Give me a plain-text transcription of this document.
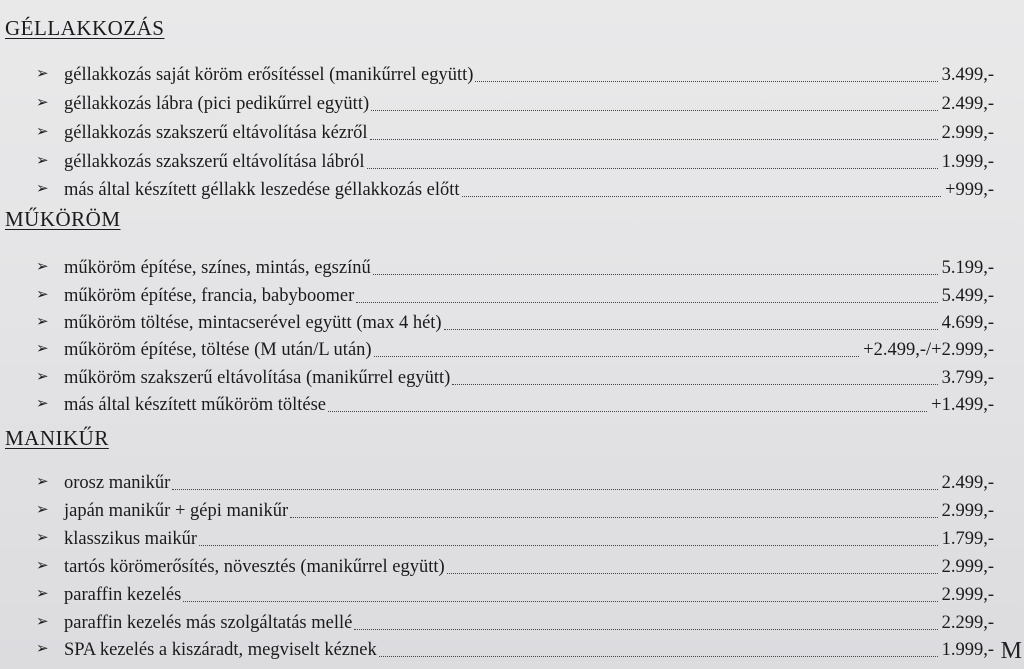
GÉLLAKKOZÁS
➢ géllakkozás saját köröm erősítéssel (manikűrrel együtt)	3.499,-
➢ géllakkozás lábra (pici pedikűrrel együtt)	2.499,-
➢ géllakkozás szakszerű eltávolítása kézről	2.999,-
➢ géllakkozás szakszerű eltávolítása lábról	1.999,-
➢ más által készített géllakk leszedése géllakkozás előtt	+999,-
MŰKÖRÖM
➢ műköröm építése, színes, mintás, egszínű	5.199,-
➢ műköröm építése, francia, babyboomer	5.499,-
➢ műköröm töltése, mintacserével együtt (max 4 hét)	4.699,-
➢ műköröm építése, töltése (M után/L után)	+2.499,-/+2.999,-
➢ műköröm szakszerű eltávolítása (manikűrrel együtt)	3.799,-
➢ más által készített műköröm töltése	+1.499,-
MANIKŰR
➢ orosz manikűr	2.499,-
➢ japán manikűr + gépi manikűr	2.999,-
➢ klasszikus maikűr	1.799,-
➢ tartós körömerősítés, növesztés (manikűrrel együtt)	2.999,-
➢ paraffin kezelés	2.999,-
➢ paraffin kezelés más szolgáltatás mellé	2.299,-
➢ SPA kezelés a kiszáradt, megviselt kéznek	1.999,- M
